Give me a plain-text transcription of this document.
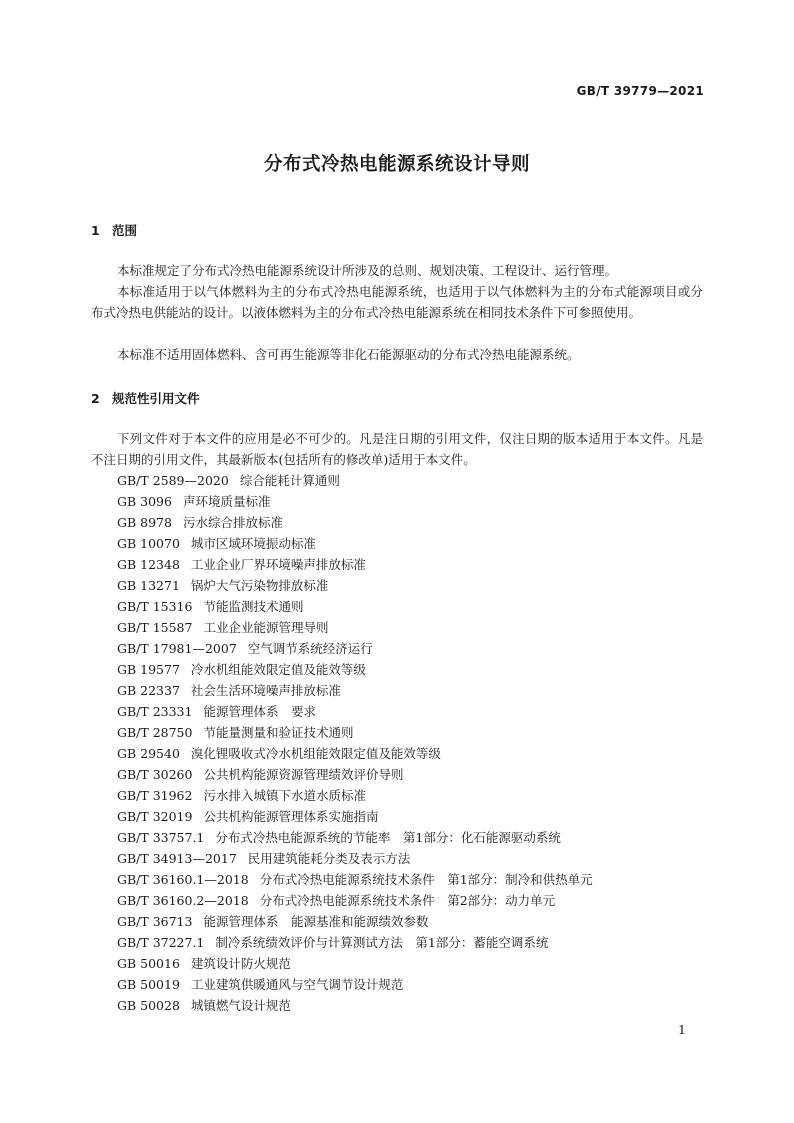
GB/T 39779—2021
分布式冷热电能源系统设计导则
1 范围
本标准规定了分布式冷热电能源系统设计所涉及的总则、规划决策、工程设计、运行管理。
本标准适用于以气体燃料为主的分布式冷热电能源系统，也适用于以气体燃料为主的分布式能源项目或分布式冷热电供能站的设计。以液体燃料为主的分布式冷热电能源系统在相同技术条件下可参照使用。
本标准不适用固体燃料、含可再生能源等非化石能源驱动的分布式冷热电能源系统。
2 规范性引用文件
下列文件对于本文件的应用是必不可少的。凡是注日期的引用文件，仅注日期的版本适用于本文件。凡是不注日期的引用文件，其最新版本(包括所有的修改单)适用于本文件。
GB/T 2589—2020 综合能耗计算通则
GB 3096 声环境质量标准
GB 8978 污水综合排放标准
GB 10070 城市区域环境振动标准
GB 12348 工业企业厂界环境噪声排放标准
GB 13271 锅炉大气污染物排放标准
GB/T 15316 节能监测技术通则
GB/T 15587 工业企业能源管理导则
GB/T 17981—2007 空气调节系统经济运行
GB 19577 冷水机组能效限定值及能效等级
GB 22337 社会生活环境噪声排放标准
GB/T 23331 能源管理体系　要求
GB/T 28750 节能量测量和验证技术通则
GB 29540 溴化锂吸收式冷水机组能效限定值及能效等级
GB/T 30260 公共机构能源资源管理绩效评价导则
GB/T 31962 污水排入城镇下水道水质标准
GB/T 32019 公共机构能源管理体系实施指南
GB/T 33757.1 分布式冷热电能源系统的节能率　第1部分：化石能源驱动系统
GB/T 34913—2017 民用建筑能耗分类及表示方法
GB/T 36160.1—2018 分布式冷热电能源系统技术条件　第1部分：制冷和供热单元
GB/T 36160.2—2018 分布式冷热电能源系统技术条件　第2部分：动力单元
GB/T 36713 能源管理体系　能源基准和能源绩效参数
GB/T 37227.1 制冷系统绩效评价与计算测试方法　第1部分：蓄能空调系统
GB 50016 建筑设计防火规范
GB 50019 工业建筑供暖通风与空气调节设计规范
GB 50028 城镇燃气设计规范
1
